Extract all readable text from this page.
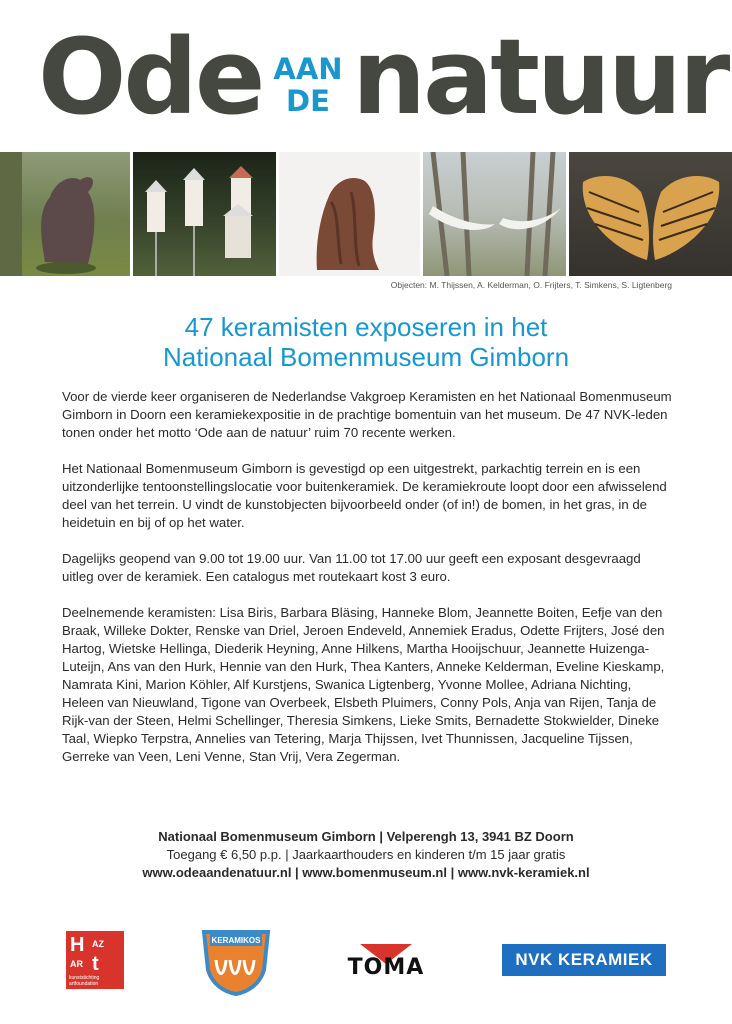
Ode AAN
DE natuur
Objecten: M. Thijssen, A. Kelderman, O. Frijters, T. Simkens, S. Ligtenberg
47 keramisten exposeren in het
Nationaal Bomenmuseum Gimborn

Voor de vierde keer organiseren de Nederlandse Vakgroep Keramisten en het Nationaal Bomenmuseum Gimborn in Doorn een keramiekexpositie in de prachtige bomentuin van het museum. De 47 NVK-leden tonen onder het motto ‘Ode aan de natuur’ ruim 70 recente werken.

Het Nationaal Bomenmuseum Gimborn is gevestigd op een uitgestrekt, parkachtig terrein en is een uitzonderlijke tentoonstellingslocatie voor buitenkeramiek. De keramiekroute loopt door een afwisselend deel van het terrein. U vindt de kunstobjecten bijvoorbeeld onder (of in!) de bomen, in het gras, in de heidetuin en bij of op het water.

Dagelijks geopend van 9.00 tot 19.00 uur. Van 11.00 tot 17.00 uur geeft een exposant desgevraagd uitleg over de keramiek. Een catalogus met routekaart kost 3 euro.

Deelnemende keramisten: Lisa Biris, Barbara Bläsing, Hanneke Blom, Jeannette Boiten, Eefje van den Braak, Willeke Dokter, Renske van Driel, Jeroen Endeveld, Annemiek Eradus, Odette Frijters, José den Hartog, Wietske Hellinga, Diederik Heyning, Anne Hilkens, Martha Hooijschuur, Jeannette Huizenga-Luteijn, Ans van den Hurk, Hennie van den Hurk, Thea Kanters, Anneke Kelderman, Eveline Kieskamp, Namrata Kini, Marion Köhler, Alf Kurstjens, Swanica Ligtenberg, Yvonne Mollee, Adriana Nichting, Heleen van Nieuwland, Tigone van Overbeek, Elsbeth Pluimers, Conny Pols, Anja van Rijen, Tanja de Rijk-van der Steen, Helmi Schellinger, Theresia Simkens, Lieke Smits, Bernadette Stokwielder, Dineke Taal, Wiepko Terpstra, Annelies van Tetering, Marja Thijssen, Ivet Thunnissen, Jacqueline Tijssen, Gerreke van Veen, Leni Venne, Stan Vrij, Vera Zegerman.

Nationaal Bomenmuseum Gimborn | Velperengh 13, 3941 BZ Doorn
Toegang € 6,50 p.p. | Jaarkaarthouders en kinderen t/m 15 jaar gratis
www.odeaandenatuur.nl | www.bomenmuseum.nl | www.nvk-keramiek.nl
H AZ
AR t
kunststichting artfoundation
KERAMIKOS
TOMA	NVK KERAMIEK
